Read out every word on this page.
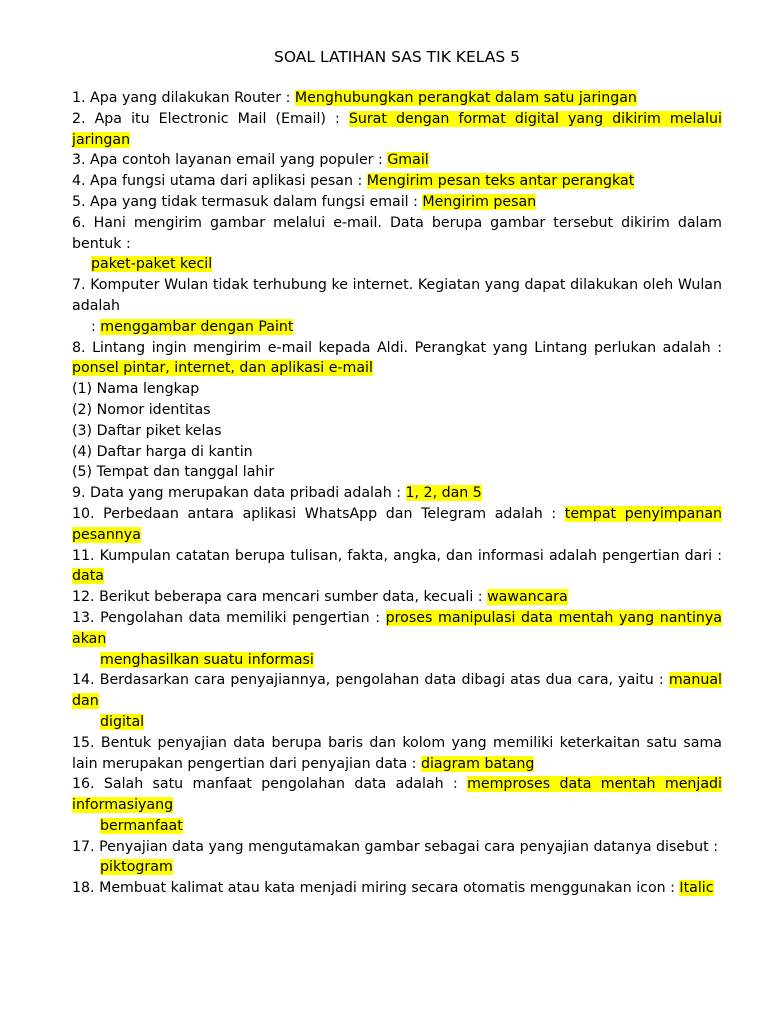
SOAL LATIHAN SAS TIK KELAS 5
1. Apa yang dilakukan Router : Menghubungkan perangkat dalam satu jaringan
2. Apa itu Electronic Mail (Email) : Surat dengan format digital yang dikirim melalui jaringan
3. Apa contoh layanan email yang populer : Gmail
4. Apa fungsi utama dari aplikasi pesan : Mengirim pesan teks antar perangkat
5. Apa yang tidak termasuk dalam fungsi email : Mengirim pesan
6. Hani mengirim gambar melalui e-mail. Data berupa gambar tersebut dikirim dalam bentuk :
paket-paket kecil
7. Komputer Wulan tidak terhubung ke internet. Kegiatan yang dapat dilakukan oleh Wulan adalah
: menggambar dengan Paint
8. Lintang ingin mengirim e-mail kepada Aldi. Perangkat yang Lintang perlukan adalah : ponsel pintar, internet, dan aplikasi e-mail
(1) Nama lengkap
(2) Nomor identitas
(3) Daftar piket kelas
(4) Daftar harga di kantin
(5) Tempat dan tanggal lahir
9. Data yang merupakan data pribadi adalah : 1, 2, dan 5
10. Perbedaan antara aplikasi WhatsApp dan Telegram adalah : tempat penyimpanan pesannya
11. Kumpulan catatan berupa tulisan, fakta, angka, dan informasi adalah pengertian dari : data
12. Berikut beberapa cara mencari sumber data, kecuali : wawancara
13. Pengolahan data memiliki pengertian : proses manipulasi data mentah yang nantinya akan
menghasilkan suatu informasi
14. Berdasarkan cara penyajiannya, pengolahan data dibagi atas dua cara, yaitu : manual dan
digital
15. Bentuk penyajian data berupa baris dan kolom yang memiliki keterkaitan satu sama lain merupakan pengertian dari penyajian data : diagram batang
16. Salah satu manfaat pengolahan data adalah : memproses data mentah menjadi informasiyang
bermanfaat
17. Penyajian data yang mengutamakan gambar sebagai cara penyajian datanya disebut :
piktogram
18. Membuat kalimat atau kata menjadi miring secara otomatis menggunakan icon : Italic
